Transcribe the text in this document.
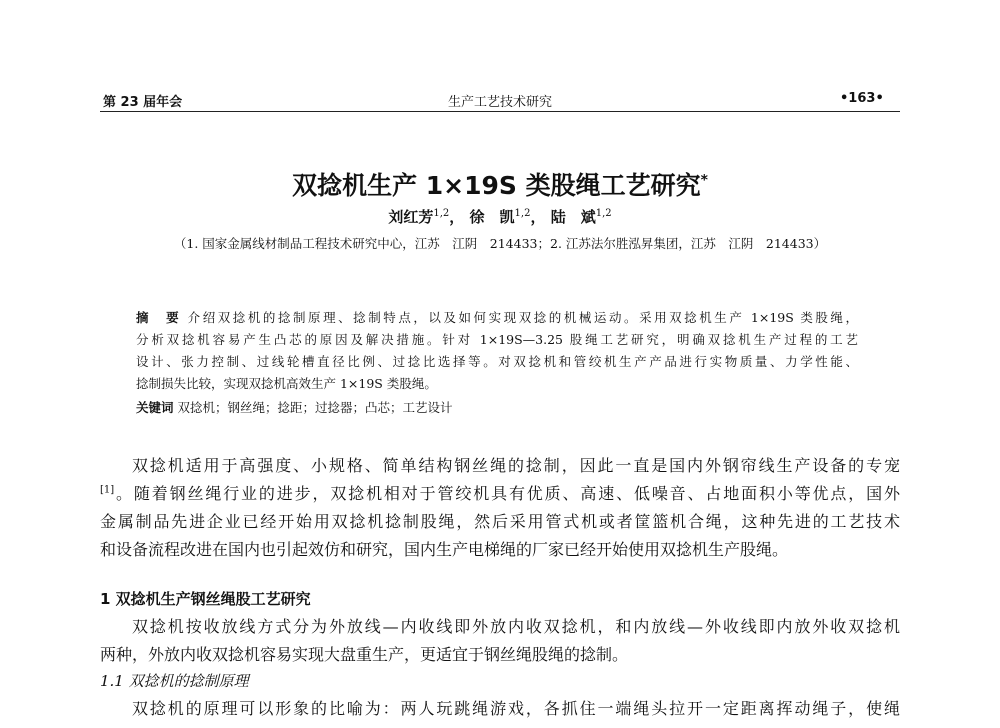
第 23 届年会	生产工艺技术研究	•163•
双捻机生产 1×19S 类股绳工艺研究*
刘红芳$^{1,2}$， 徐　凯$^{1,2}$， 陆　斌$^{1,2}$
（1. 国家金属线材制品工程技术研究中心，江苏　江阴　214433；2. 江苏法尔胜泓昇集团，江苏　江阴　214433）
摘　要 介绍双捻机的捻制原理、捻制特点，以及如何实现双捻的机械运动。采用双捻机生产 1×19S 类股绳，
分析双捻机容易产生凸芯的原因及解决措施。针对 1×19S—3.25 股绳工艺研究，明确双捻机生产过程的工艺
设计、张力控制、过线轮槽直径比例、过捻比选择等。对双捻机和管绞机生产产品进行实物质量、力学性能、
捻制损失比较，实现双捻机高效生产 1×19S 类股绳。
关键词 双捻机；钢丝绳；捻距；过捻器；凸芯；工艺设计
双捻机适用于高强度、小规格、简单结构钢丝绳的捻制，因此一直是国内外钢帘线生产设备的专宠
[1]。随着钢丝绳行业的进步，双捻机相对于管绞机具有优质、高速、低噪音、占地面积小等优点，国外
金属制品先进企业已经开始用双捻机捻制股绳，然后采用管式机或者筐篮机合绳，这种先进的工艺技术
和设备流程改进在国内也引起效仿和研究，国内生产电梯绳的厂家已经开始使用双捻机生产股绳。
1 双捻机生产钢丝绳股工艺研究
双捻机按收放线方式分为外放线—内收线即外放内收双捻机，和内放线—外收线即内放外收双捻机
两种，外放内收双捻机容易实现大盘重生产，更适宜于钢丝绳股绳的捻制。
1.1 双捻机的捻制原理
双捻机的原理可以形象的比喻为：两人玩跳绳游戏，各抓住一端绳头拉开一定距离挥动绳子，使绳
